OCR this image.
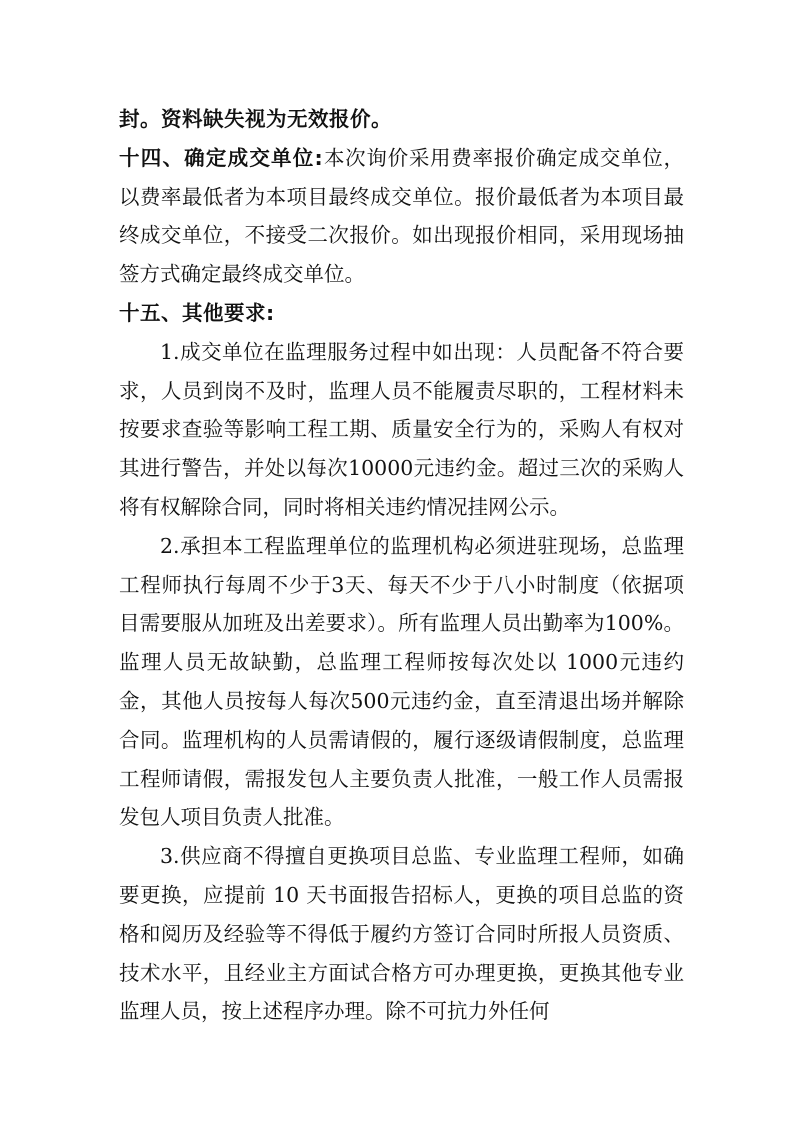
封。资料缺失视为无效报价。

十四、确定成交单位:本次询价采用费率报价确定成交单位，以费率最低者为本项目最终成交单位。报价最低者为本项目最终成交单位，不接受二次报价。如出现报价相同，采用现场抽签方式确定最终成交单位。

十五、其他要求:

1.成交单位在监理服务过程中如出现：人员配备不符合要求，人员到岗不及时，监理人员不能履责尽职的，工程材料未按要求查验等影响工程工期、质量安全行为的，采购人有权对其进行警告，并处以每次10000元违约金。超过三次的采购人将有权解除合同，同时将相关违约情况挂网公示。

2.承担本工程监理单位的监理机构必须进驻现场，总监理工程师执行每周不少于3天、每天不少于八小时制度（依据项目需要服从加班及出差要求）。所有监理人员出勤率为100%。监理人员无故缺勤，总监理工程师按每次处以 1000元违约金，其他人员按每人每次500元违约金，直至清退出场并解除合同。监理机构的人员需请假的，履行逐级请假制度，总监理工程师请假，需报发包人主要负责人批准，一般工作人员需报发包人项目负责人批准。

3.供应商不得擅自更换项目总监、专业监理工程师，如确要更换，应提前 10 天书面报告招标人，更换的项目总监的资格和阅历及经验等不得低于履约方签订合同时所报人员资质、技术水平，且经业主方面试合格方可办理更换，更换其他专业监理人员，按上述程序办理。除不可抗力外任何
